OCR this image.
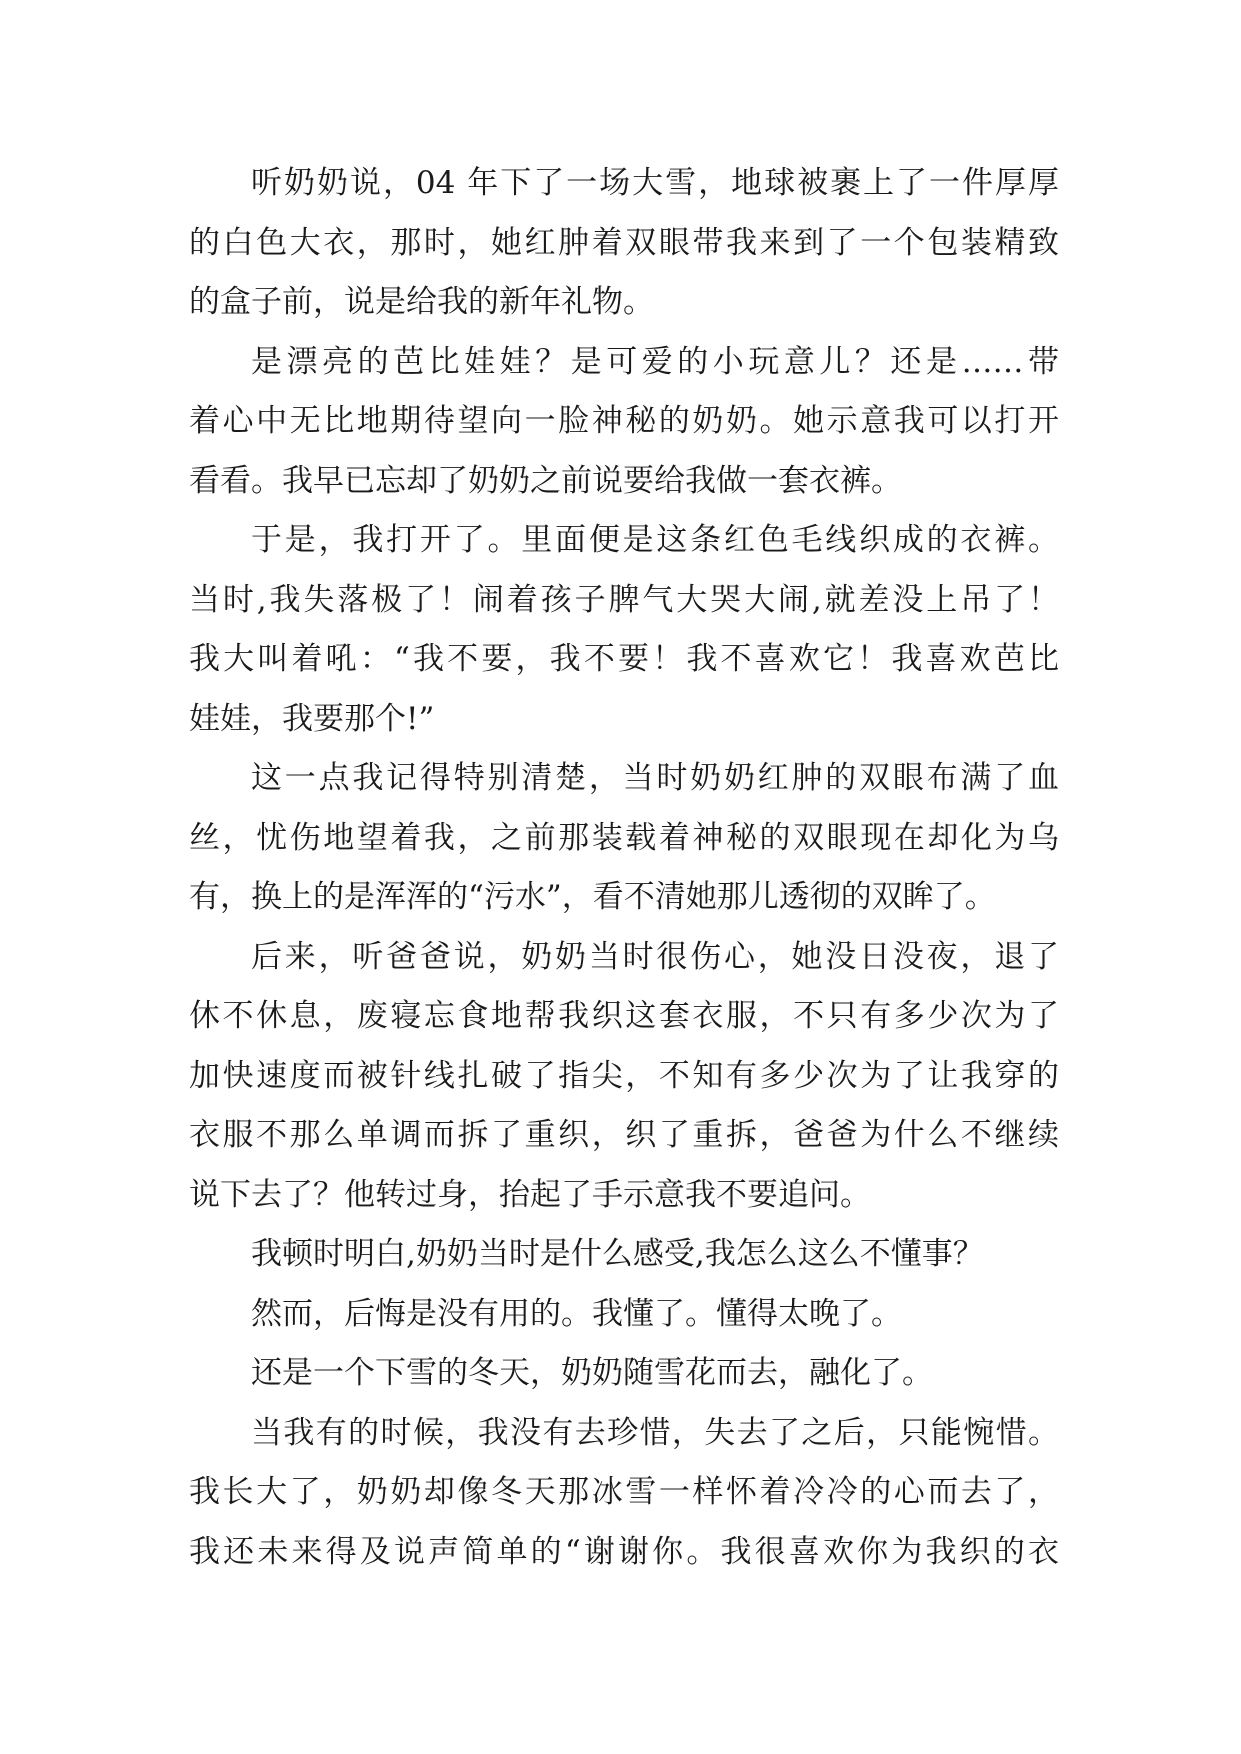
听奶奶说，04 年下了一场大雪，地球被裹上了一件厚厚
的白色大衣，那时，她红肿着双眼带我来到了一个包装精致
的盒子前，说是给我的新年礼物。
是漂亮的芭比娃娃？是可爱的小玩意儿？还是……带
着心中无比地期待望向一脸神秘的奶奶。她示意我可以打开
看看。我早已忘却了奶奶之前说要给我做一套衣裤。
于是，我打开了。里面便是这条红色毛线织成的衣裤。
当时,我失落极了！闹着孩子脾气大哭大闹,就差没上吊了！
我大叫着吼：“我不要，我不要！我不喜欢它！我喜欢芭比
娃娃，我要那个!”
这一点我记得特别清楚，当时奶奶红肿的双眼布满了血
丝，忧伤地望着我，之前那装载着神秘的双眼现在却化为乌
有，换上的是浑浑的“污水”，看不清她那儿透彻的双眸了。
后来，听爸爸说，奶奶当时很伤心，她没日没夜，退了
休不休息，废寝忘食地帮我织这套衣服，不只有多少次为了
加快速度而被针线扎破了指尖，不知有多少次为了让我穿的
衣服不那么单调而拆了重织，织了重拆，爸爸为什么不继续
说下去了？他转过身，抬起了手示意我不要追问。
我顿时明白,奶奶当时是什么感受,我怎么这么不懂事？
然而，后悔是没有用的。我懂了。懂得太晚了。
还是一个下雪的冬天，奶奶随雪花而去，融化了。
当我有的时候，我没有去珍惜，失去了之后，只能惋惜。
我长大了，奶奶却像冬天那冰雪一样怀着冷冷的心而去了，
我还未来得及说声简单的“谢谢你。我很喜欢你为我织的衣
